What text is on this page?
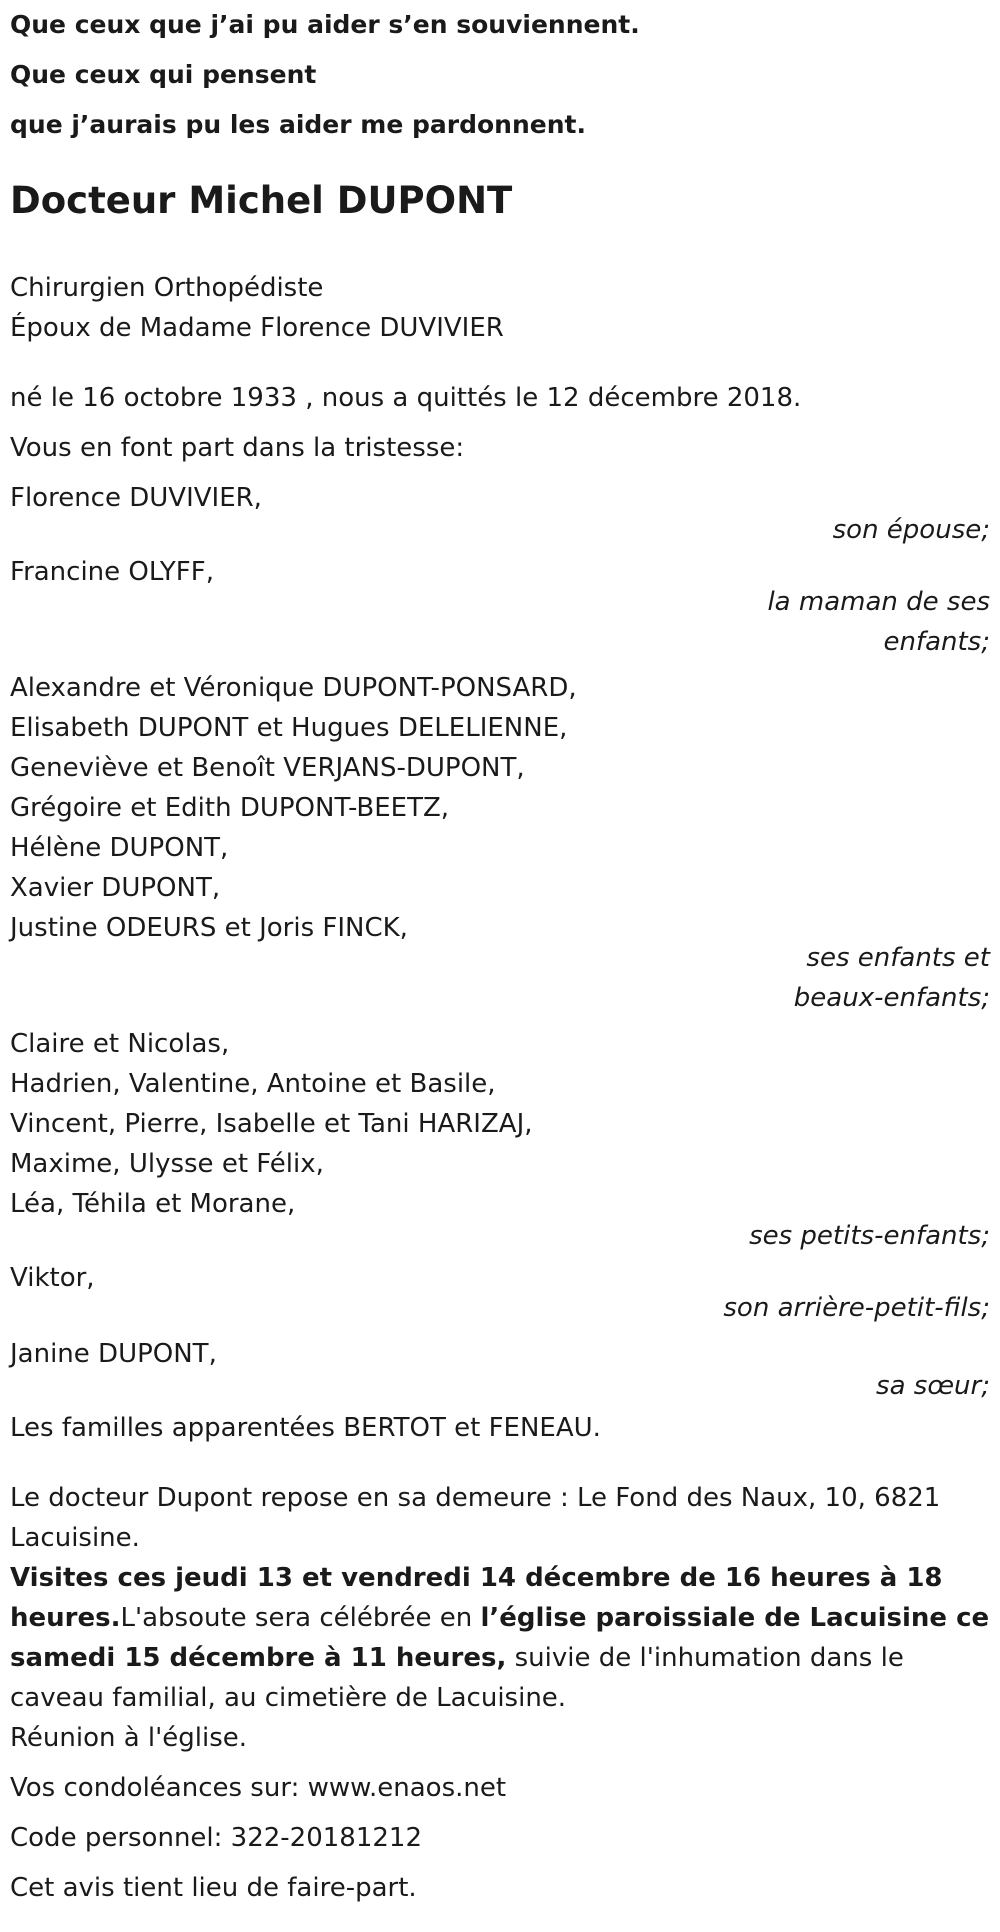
Que ceux que j’ai pu aider s’en souviennent.

Que ceux qui pensent

que j’aurais pu les aider me pardonnent.

Docteur Michel DUPONT

Chirurgien Orthopédiste

Époux de Madame Florence DUVIVIER

né le 16 octobre 1933 , nous a quittés le 12 décembre 2018.

Vous en font part dans la tristesse:

Florence DUVIVIER,

son épouse;

Francine OLYFF,

la maman de ses enfants;

Alexandre et Véronique DUPONT-PONSARD,

Elisabeth DUPONT et Hugues DELELIENNE,

Geneviève et Benoît VERJANS-DUPONT,

Grégoire et Edith DUPONT-BEETZ,

Hélène DUPONT,

Xavier DUPONT,

Justine ODEURS et Joris FINCK,

ses enfants et beaux-enfants;

Claire et Nicolas,

Hadrien, Valentine, Antoine et Basile,

Vincent, Pierre, Isabelle et Tani HARIZAJ,

Maxime, Ulysse et Félix,

Léa, Téhila et Morane,

ses petits-enfants;

Viktor,

son arrière-petit-fils;

Janine DUPONT,

sa sœur;

Les familles apparentées BERTOT et FENEAU.

Le docteur Dupont repose en sa demeure : Le Fond des Naux, 10, 6821 Lacuisine.

Visites ces jeudi 13 et vendredi 14 décembre de 16 heures à 18 heures.L'absoute sera célébrée en l’église paroissiale de Lacuisine ce samedi 15 décembre à 11 heures, suivie de l'inhumation dans le caveau familial, au cimetière de Lacuisine.

Réunion à l'église.

Vos condoléances sur: www.enaos.net

Code personnel: 322-20181212

Cet avis tient lieu de faire-part.
